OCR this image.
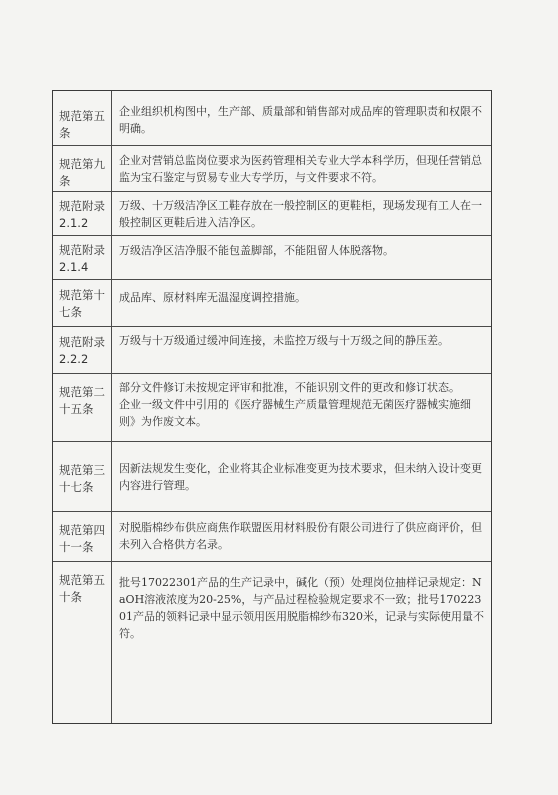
规范第五条
企业组织机构图中，生产部、质量部和销售部对成品库的管理职责和权限不明确。
规范第九条
企业对营销总监岗位要求为医药管理相关专业大学本科学历，但现任营销总监为宝石鉴定与贸易专业大专学历，与文件要求不符。
规范附录2.1.2
万级、十万级洁净区工鞋存放在一般控制区的更鞋柜，现场发现有工人在一般控制区更鞋后进入洁净区。
规范附录2.1.4
万级洁净区洁净服不能包盖脚部，不能阻留人体脱落物。
规范第十七条
成品库、原材料库无温湿度调控措施。
规范附录2.2.2
万级与十万级通过缓冲间连接，未监控万级与十万级之间的静压差。
规范第二十五条

部分文件修订未按规定评审和批准，不能识别文件的更改和修订状态。

企业一级文件中引用的《医疗器械生产质量管理规范无菌医疗器械实施细则》为作废文本。

规范第三十七条
因新法规发生变化，企业将其企业标准变更为技术要求，但未纳入设计变更内容进行管理。
规范第四十一条
对脱脂棉纱布供应商焦作联盟医用材料股份有限公司进行了供应商评价，但未列入合格供方名录。
规范第五十条
批号17022301产品的生产记录中，碱化（预）处理岗位抽样记录规定：NaOH溶液浓度为20-25%，与产品过程检验规定要求不一致；批号17022301产品的领料记录中显示领用医用脱脂棉纱布320米，记录与实际使用量不符。
